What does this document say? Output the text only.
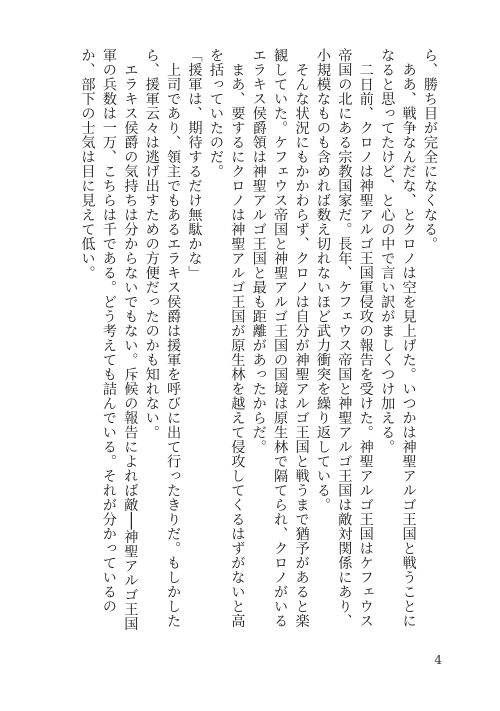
ら、勝ち目が完全になくなる。

　ああ、戦争なんだな、とクロノは空を見上げた。いつかは神聖アルゴ王国と戦うことになると思ってたけど、と心の中で言い訳がましくつけ加える。

　二日前、クロノは神聖アルゴ王国軍侵攻の報告を受けた。神聖アルゴ王国はケフェウス帝国の北にある宗教国家だ。長年、ケフェウス帝国と神聖アルゴ王国は敵対関係にあり、小規模なものも含めれば数え切れないほど武力衝突を繰り返している。

　そんな状況にもかかわらず、クロノは自分が神聖アルゴ王国と戦うまで猶予があると楽観していた。ケフェウス帝国と神聖アルゴ王国の国境は原生林で隔てられ、クロノがいるエラキス侯爵領は神聖アルゴ王国と最も距離があったからだ。

　まあ、要するにクロノは神聖アルゴ王国が原生林を越えて侵攻してくるはずがないと高を括っていたのだ。

「援軍は、期待するだけ無駄かな」

　上司であり、領主でもあるエラキス侯爵は援軍を呼びに出て行ったきりだ。もしかしたら、援軍云々は逃げ出すための方便だったのかも知れない。

　エラキス侯爵の気持ちは分からないでもない。斥候の報告によれば敵──神聖アルゴ王国軍の兵数は一万、こちらは千である。どう考えても詰んでいる。それが分かっているのか、部下の士気は目に見えて低い。

4
